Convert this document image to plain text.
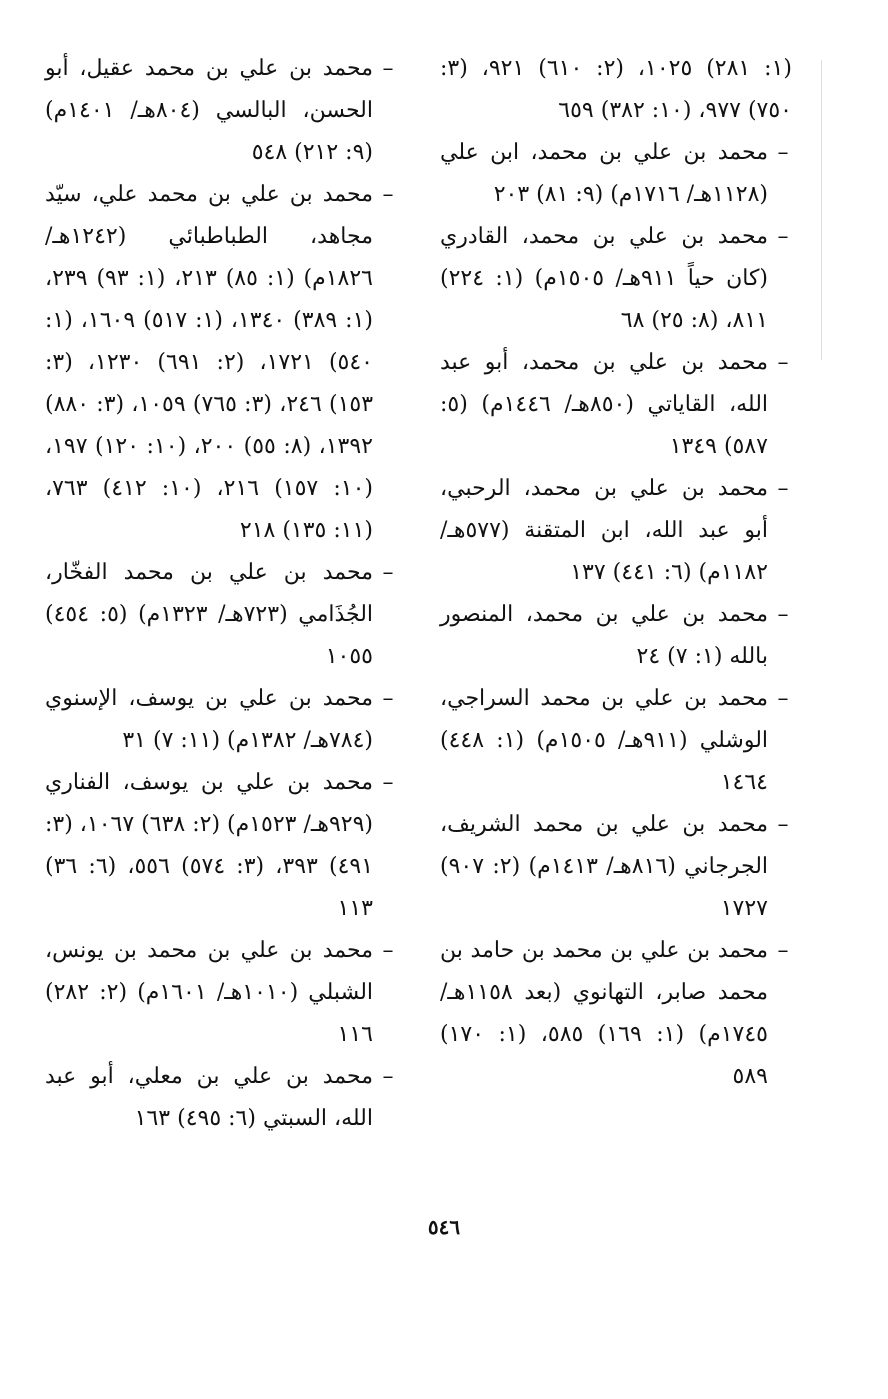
(١: ٢٨١) ١٠٢٥، (٢: ٦١٠) ٩٢١، (٣: ٧٥٠) ٩٧٧، (١٠: ٣٨٢) ٦٥٩
–
محمد بن علي بن محمد، ابن علي (١١٢٨هـ/ ١٧١٦م) (٩: ٨١) ٢٠٣
–
محمد بن علي بن محمد، القادري (كان حياً ٩١١هـ/ ١٥٠٥م) (١: ٢٢٤) ٨١١، (٨: ٢٥) ٦٨
–
محمد بن علي بن محمد، أبو عبد الله، القاياتي (٨٥٠هـ/ ١٤٤٦م) (٥: ٥٨٧) ١٣٤٩
–
محمد بن علي بن محمد، الرحبي، أبو عبد الله، ابن المتقنة (٥٧٧هـ/ ١١٨٢م) (٦: ٤٤١) ١٣٧
–
محمد بن علي بن محمد، المنصور بالله (١: ٧) ٢٤
–
محمد بن علي بن محمد السراجي، الوشلي (٩١١هـ/ ١٥٠٥م) (١: ٤٤٨) ١٤٦٤
–
محمد بن علي بن محمد الشريف، الجرجاني (٨١٦هـ/ ١٤١٣م) (٢: ٩٠٧) ١٧٢٧
–
محمد بن علي بن محمد بن حامد بن محمد صابر، التهانوي (بعد ١١٥٨هـ/ ١٧٤٥م) (١: ١٦٩) ٥٨٥، (١: ١٧٠) ٥٨٩
–
محمد بن علي بن محمد عقيل، أبو الحسن، البالسي (٨٠٤هـ/ ١٤٠١م) (٩: ٢١٢) ٥٤٨
–
محمد بن علي بن محمد علي، سيّد مجاهد، الطباطبائي (١٢٤٢هـ/ ١٨٢٦م) (١: ٨٥) ٢١٣، (١: ٩٣) ٢٣٩، (١: ٣٨٩) ١٣٤٠، (١: ٥١٧) ١٦٠٩، (١: ٥٤٠) ١٧٢١، (٢: ٦٩١) ١٢٣٠، (٣: ١٥٣) ٢٤٦، (٣: ٧٦٥) ١٠٥٩، (٣: ٨٨٠) ١٣٩٢، (٨: ٥٥) ٢٠٠، (١٠: ١٢٠) ١٩٧، (١٠: ١٥٧) ٢١٦، (١٠: ٤١٢) ٧٦٣، (١١: ١٣٥) ٢١٨
–
محمد بن علي بن محمد الفخّار، الجُذَامي (٧٢٣هـ/ ١٣٢٣م) (٥: ٤٥٤) ١٠٥٥
–
محمد بن علي بن يوسف، الإسنوي (٧٨٤هـ/ ١٣٨٢م) (١١: ٧) ٣١
–
محمد بن علي بن يوسف، الفناري (٩٢٩هـ/ ١٥٢٣م) (٢: ٦٣٨) ١٠٦٧، (٣: ٤٩١) ٣٩٣، (٣: ٥٧٤) ٥٥٦، (٦: ٣٦) ١١٣
–
محمد بن علي بن محمد بن يونس، الشبلي (١٠١٠هـ/ ١٦٠١م) (٢: ٢٨٢) ١١٦
–
محمد بن علي بن معلي، أبو عبد الله، السبتي (٦: ٤٩٥) ١٦٣
٥٤٦
